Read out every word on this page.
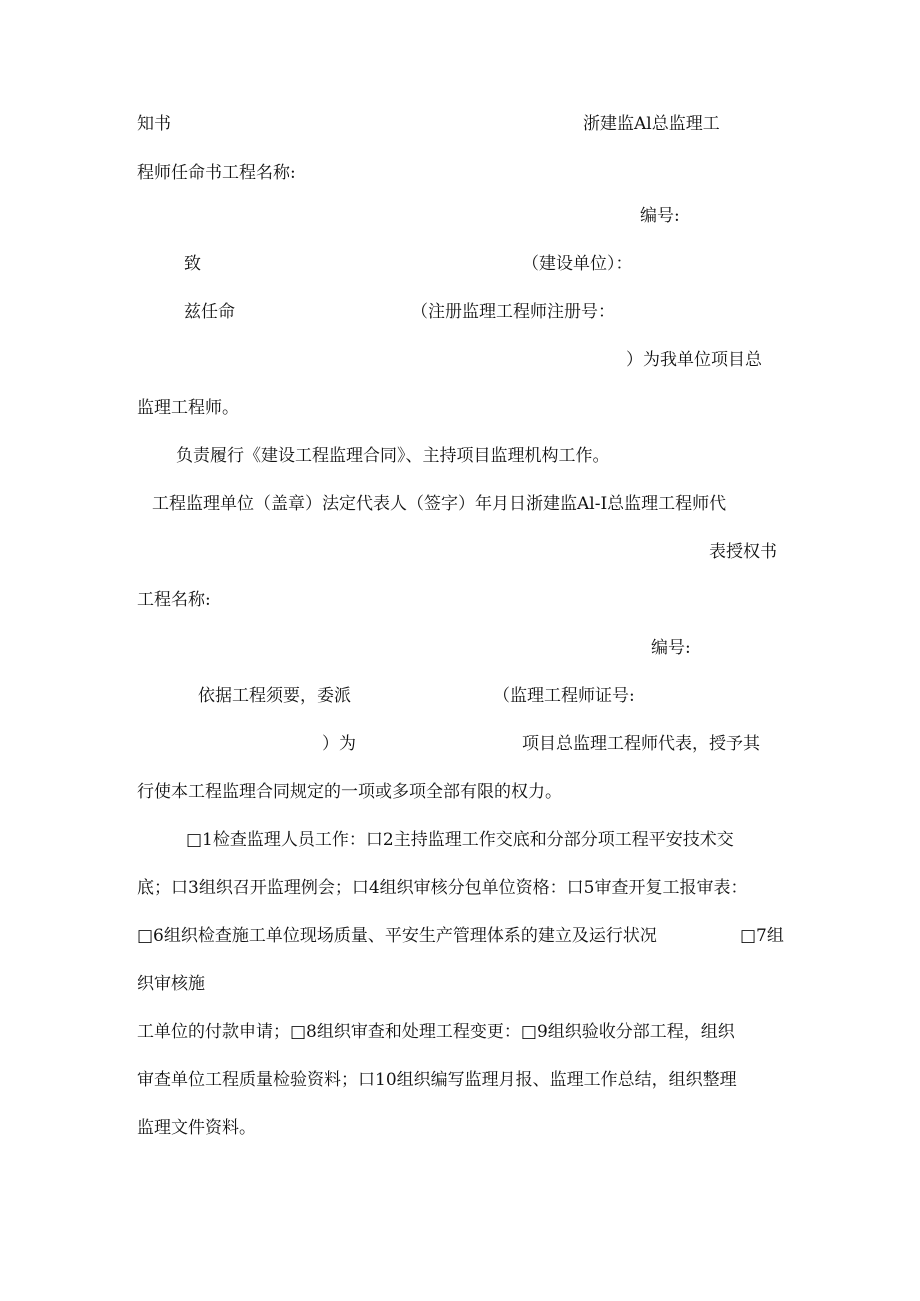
知书	浙建监Al总监理工
程师任命书工程名称:
编号:
致	（建设单位）：
兹任命	（注册监理工程师注册号：
）为我单位项目总
监理工程师。
负责履行《建设工程监理合同》、主持项目监理机构工作。
工程监理单位（盖章）法定代表人（签字）年月日浙建监Al-I总监理工程师代
表授权书
工程名称:
编号:
依据工程须要，委派	（监理工程师证号:
）为	项目总监理工程师代表，授予其
行使本工程监理合同规定的一项或多项全部有限的权力。
□1检查监理人员工作：口2主持监理工作交底和分部分项工程平安技术交
底；口3组织召开监理例会；口4组织审核分包单位资格：口5审查开复工报审表：
□6组织检查施工单位现场质量、平安生产管理体系的建立及运行状况	□7组
织审核施
工单位的付款申请；□8组织审查和处理工程变更：□9组织验收分部工程，组织
审查单位工程质量检验资料；口10组织编写监理月报、监理工作总结，组织整理
监理文件资料。
